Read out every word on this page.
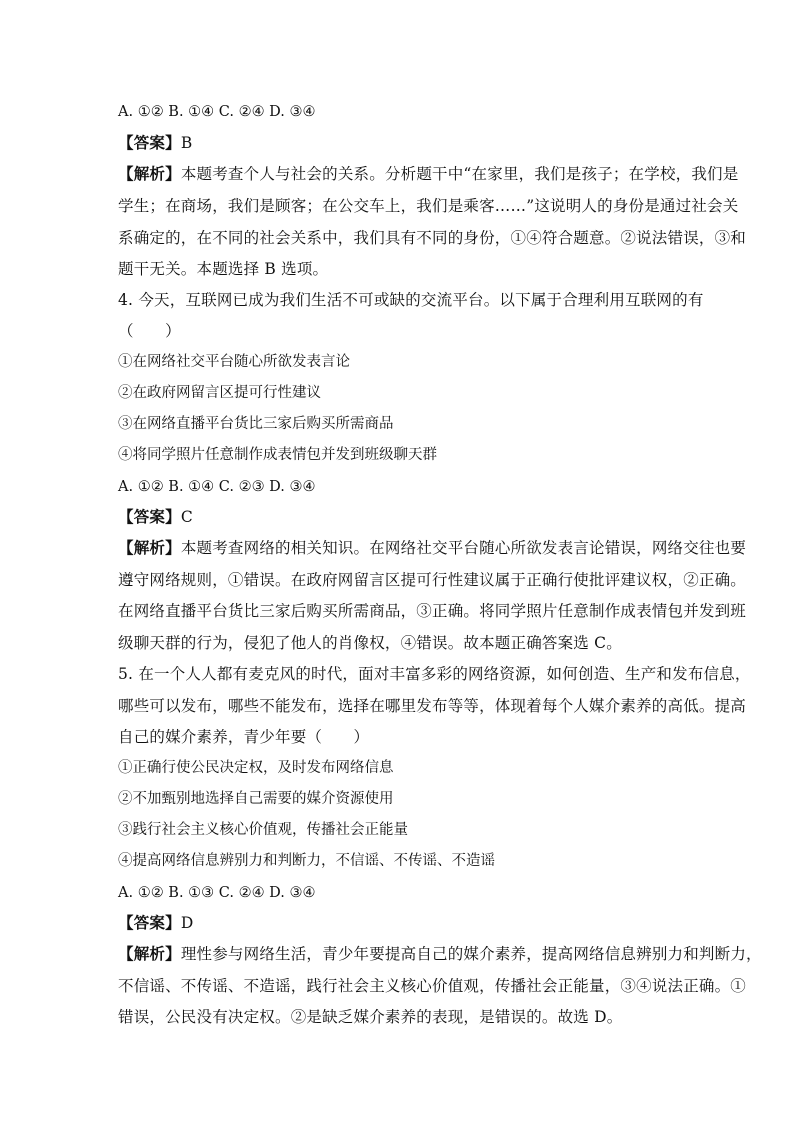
A. ①② B. ①④ C. ②④ D. ③④
【答案】B
【解析】本题考查个人与社会的关系。分析题干中“在家里，我们是孩子；在学校，我们是
学生；在商场，我们是顾客；在公交车上，我们是乘客……”这说明人的身份是通过社会关
系确定的，在不同的社会关系中，我们具有不同的身份，①④符合题意。②说法错误，③和
题干无关。本题选择 B 选项。
4. 今天，互联网已成为我们生活不可或缺的交流平台。以下属于合理利用互联网的有
（　　）
①在网络社交平台随心所欲发表言论
②在政府网留言区提可行性建议
③在网络直播平台货比三家后购买所需商品
④将同学照片任意制作成表情包并发到班级聊天群
A. ①② B. ①④ C. ②③ D. ③④
【答案】C
【解析】本题考查网络的相关知识。在网络社交平台随心所欲发表言论错误，网络交往也要
遵守网络规则，①错误。在政府网留言区提可行性建议属于正确行使批评建议权，②正确。
在网络直播平台货比三家后购买所需商品，③正确。将同学照片任意制作成表情包并发到班
级聊天群的行为，侵犯了他人的肖像权，④错误。故本题正确答案选 C。
5. 在一个人人都有麦克风的时代，面对丰富多彩的网络资源，如何创造、生产和发布信息，
哪些可以发布，哪些不能发布，选择在哪里发布等等，体现着每个人媒介素养的高低。提高
自己的媒介素养，青少年要（　　）
①正确行使公民决定权，及时发布网络信息
②不加甄别地选择自己需要的媒介资源使用
③践行社会主义核心价值观，传播社会正能量
④提高网络信息辨别力和判断力，不信谣、不传谣、不造谣
A. ①② B. ①③ C. ②④ D. ③④
【答案】D
【解析】理性参与网络生活，青少年要提高自己的媒介素养，提高网络信息辨别力和判断力，
不信谣、不传谣、不造谣，践行社会主义核心价值观，传播社会正能量，③④说法正确。①
错误，公民没有决定权。②是缺乏媒介素养的表现，是错误的。故选 D。
